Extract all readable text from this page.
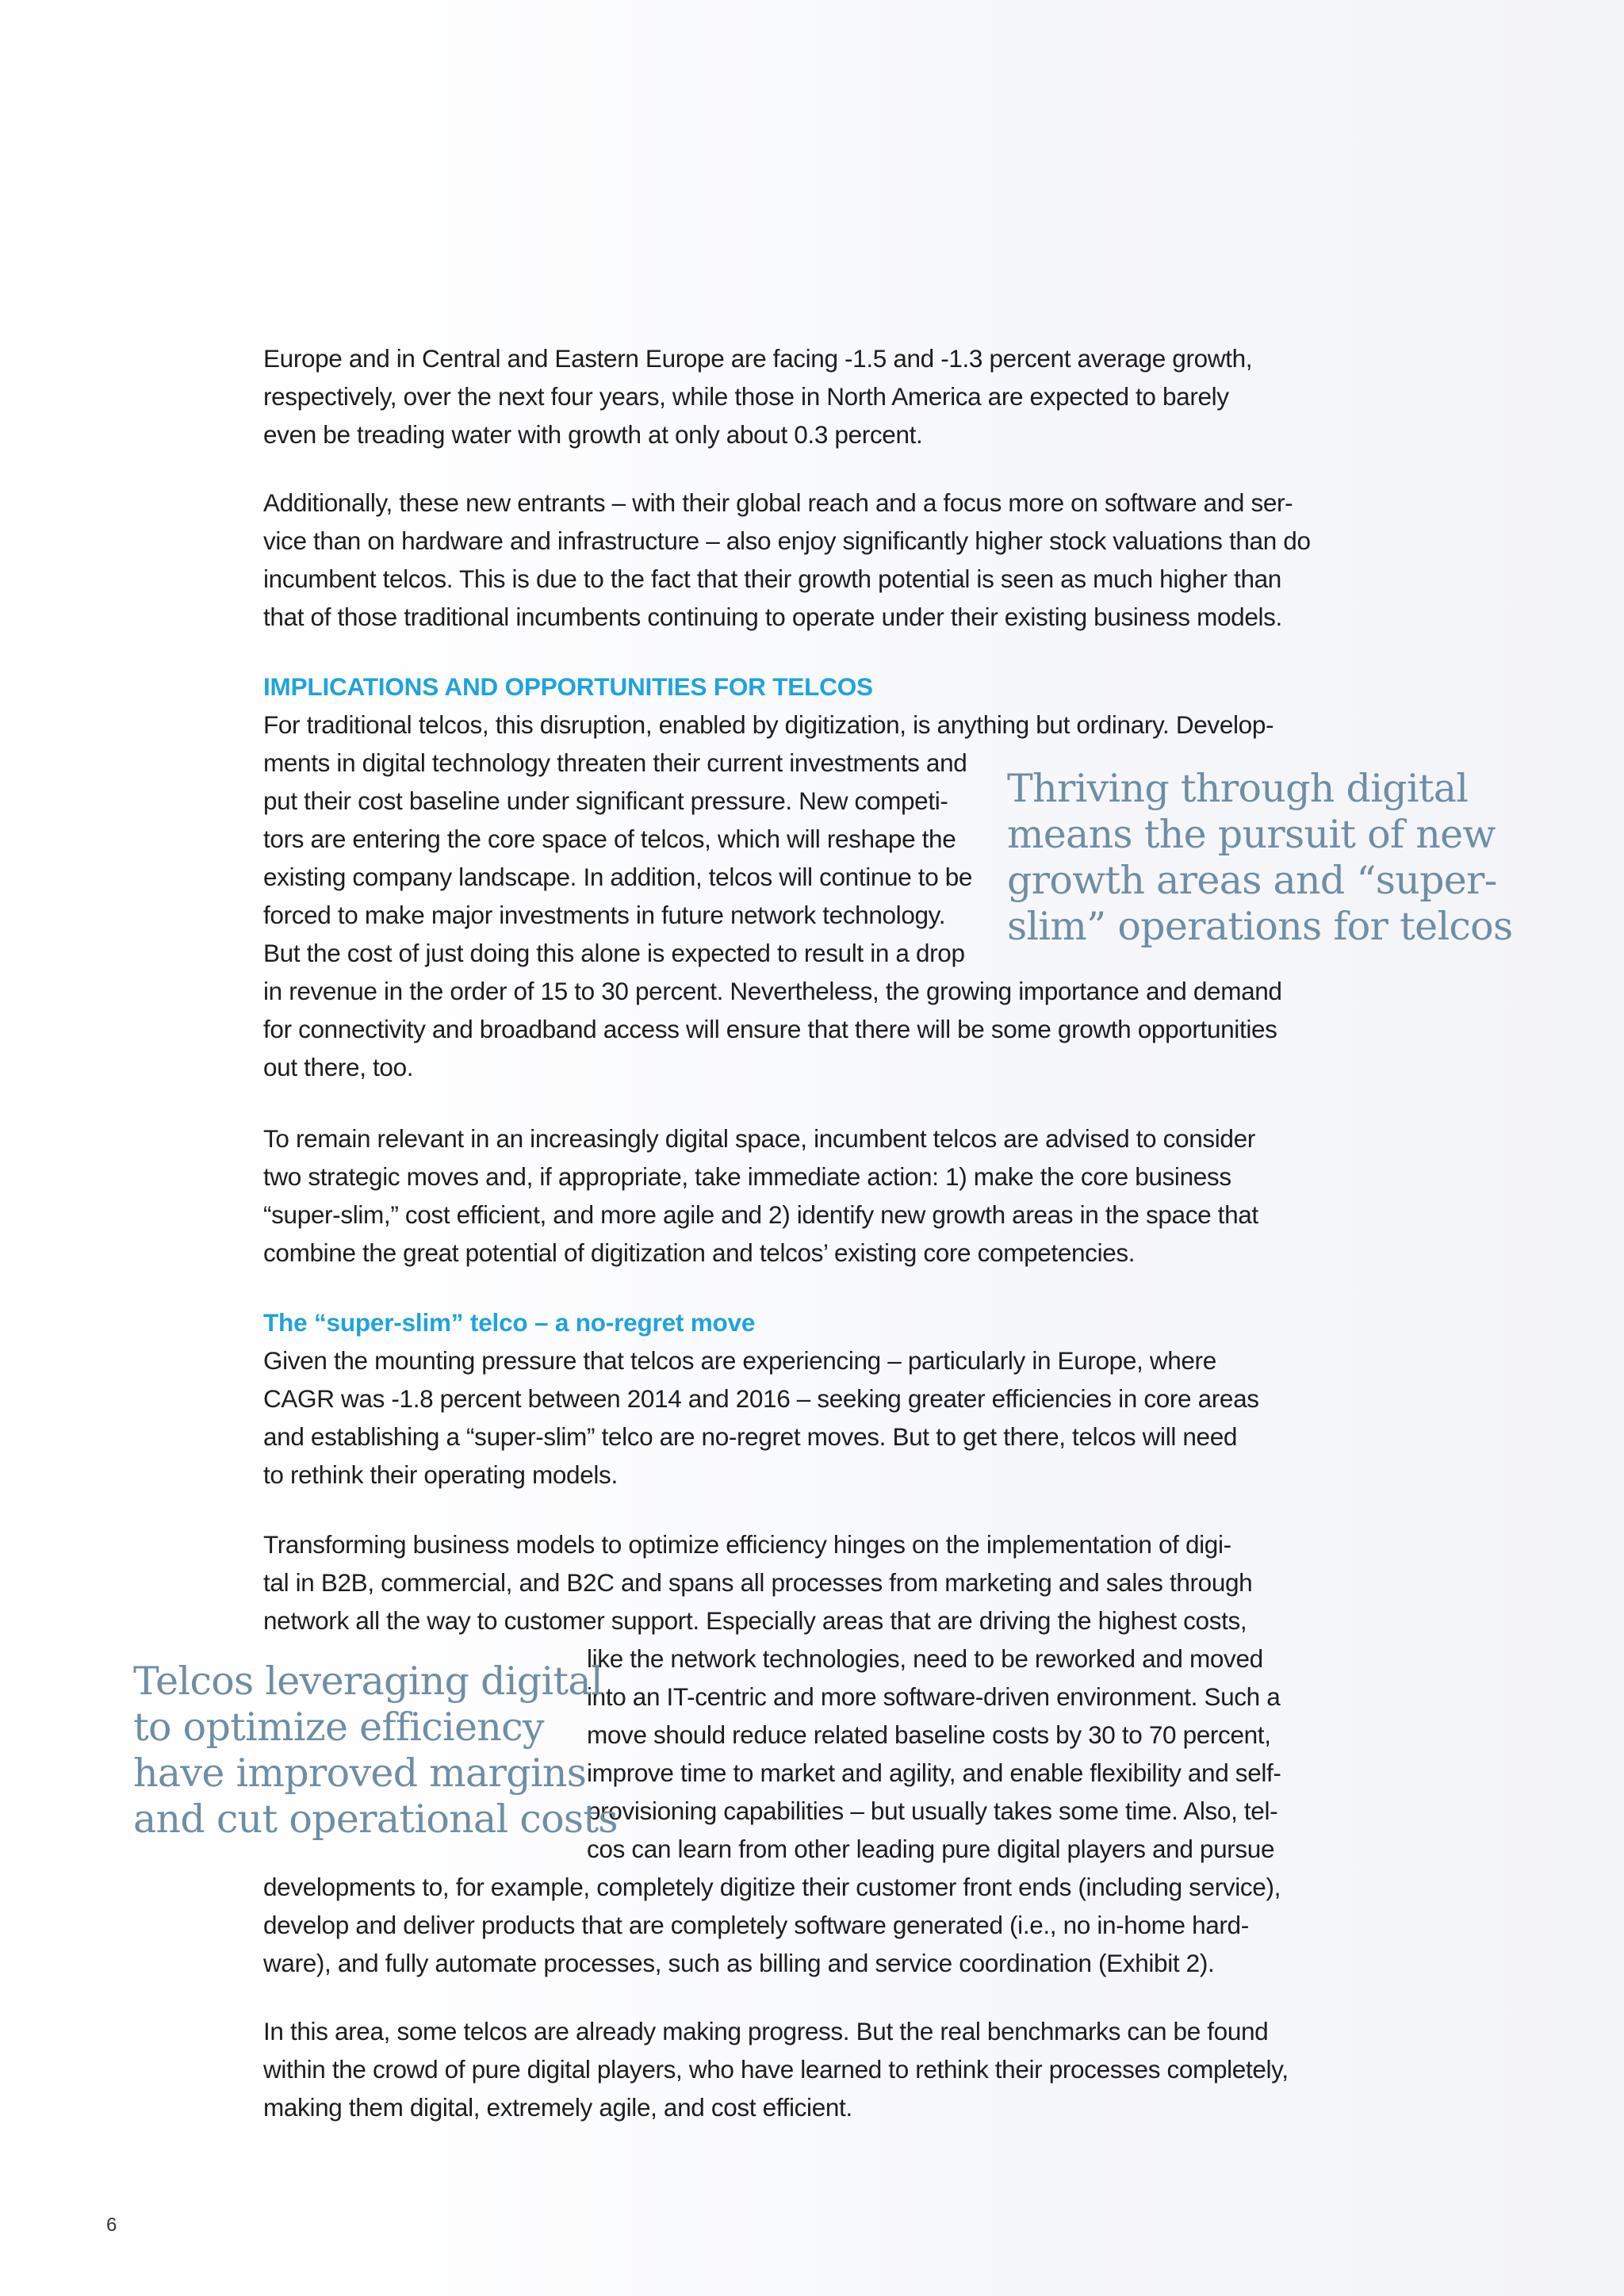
Europe and in Central and Eastern Europe are facing -1.5 and -1.3 percent average growth,
respectively, over the next four years, while those in North America are expected to barely
even be treading water with growth at only about 0.3 percent.

Additionally, these new entrants – with their global reach and a focus more on software and ser-
vice than on hardware and infrastructure – also enjoy significantly higher stock valuations than do
incumbent telcos. This is due to the fact that their growth potential is seen as much higher than
that of those traditional incumbents continuing to operate under their existing business models.

IMPLICATIONS AND OPPORTUNITIES FOR TELCOS

For traditional telcos, this disruption, enabled by digitization, is anything but ordinary. Develop-
ments in digital technology threaten their current investments and
put their cost baseline under significant pressure. New competi-
tors are entering the core space of telcos, which will reshape the
existing company landscape. In addition, telcos will continue to be
forced to make major investments in future network technology.
But the cost of just doing this alone is expected to result in a drop
in revenue in the order of 15 to 30 percent. Nevertheless, the growing importance and demand
for connectivity and broadband access will ensure that there will be some growth opportunities
out there, too.

Thriving through digital
means the pursuit of new
growth areas and “super-
slim” operations for telcos

To remain relevant in an increasingly digital space, incumbent telcos are advised to consider
two strategic moves and, if appropriate, take immediate action: 1) make the core business
“super-slim,” cost efficient, and more agile and 2) identify new growth areas in the space that
combine the great potential of digitization and telcos’ existing core competencies.

The “super-slim” telco – a no-regret move

Given the mounting pressure that telcos are experiencing – particularly in Europe, where
CAGR was -1.8 percent between 2014 and 2016 – seeking greater efficiencies in core areas
and establishing a “super-slim” telco are no-regret moves. But to get there, telcos will need
to rethink their operating models.

Transforming business models to optimize efficiency hinges on the implementation of digi-
tal in B2B, commercial, and B2C and spans all processes from marketing and sales through
network all the way to customer support. Especially areas that are driving the highest costs,

like the network technologies, need to be reworked and moved
into an IT-centric and more software-driven environment. Such a
move should reduce related baseline costs by 30 to 70 percent,
improve time to market and agility, and enable flexibility and self-
provisioning capabilities – but usually takes some time. Also, tel-
cos can learn from other leading pure digital players and pursue

developments to, for example, completely digitize their customer front ends (including service),
develop and deliver products that are completely software generated (i.e., no in-home hard-
ware), and fully automate processes, such as billing and service coordination (Exhibit 2).

Telcos leveraging digital
to optimize efficiency
have improved margins
and cut operational costs

In this area, some telcos are already making progress. But the real benchmarks can be found
within the crowd of pure digital players, who have learned to rethink their processes completely,
making them digital, extremely agile, and cost efficient.

6
